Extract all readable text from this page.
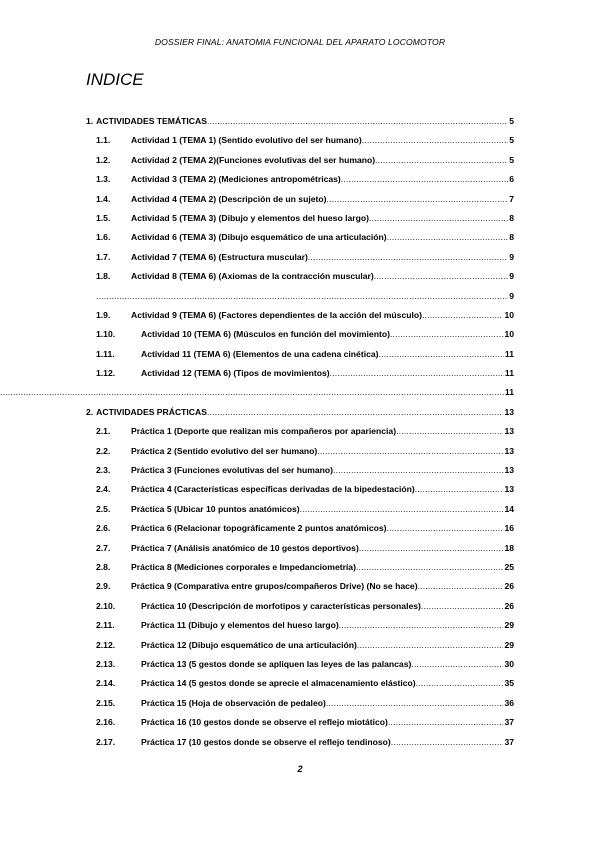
DOSSIER FINAL: ANATOMIA FUNCIONAL DEL APARATO LOCOMOTOR
INDICE
1. ACTIVIDADES TEMÁTICAS .....	5
1.1.	Actividad 1 (TEMA 1) (Sentido evolutivo del ser humano) .....	5
1.2.	Actividad 2 (TEMA 2)(Funciones evolutivas del ser humano) .....	5
1.3.	Actividad 3 (TEMA 2) (Mediciones antropométricas) .....	6
1.4.	Actividad 4 (TEMA 2) (Descripción de un sujeto) .....	7
1.5.	Actividad 5 (TEMA 3) (Dibujo y elementos del hueso largo) .....	8
1.6.	Actividad 6 (TEMA 3) (Dibujo esquemático de una articulación) .....	8
1.7.	Actividad 7 (TEMA 6) (Estructura muscular) .....	9
1.8.	Actividad 8 (TEMA 6) (Axiomas de la contracción muscular) .....	9
.....
9
1.9.	Actividad 9 (TEMA 6) (Factores dependientes de la acción del músculo) .....	10
1.10.	Actividad 10 (TEMA 6) (Músculos en función del movimiento) .....	10
1.11.	Actividad 11 (TEMA 6) (Elementos de una cadena cinética) .....	11
1.12.	Actividad 12 (TEMA 6) (Tipos de movimientos) .....	11
.....
11
2. ACTIVIDADES PRÁCTICAS .....	13
2.1.	Práctica 1 (Deporte que realizan mis compañeros por apariencia) .....	13
2.2.	Práctica 2 (Sentido evolutivo del ser humano) .....	13
2.3.	Práctica 3 (Funciones evolutivas del ser humano) .....	13
2.4.	Práctica 4 (Características específicas derivadas de la bipedestación) .....	13
2.5.	Práctica 5 (Ubicar 10 puntos anatómicos) .....	14
2.6.	Práctica 6 (Relacionar topográficamente 2 puntos anatómicos) .....	16
2.7.	Práctica 7 (Análisis anatómico de 10 gestos deportivos) .....	18
2.8.	Práctica 8 (Mediciones corporales e Impedanciometría) .....	25
2.9.	Práctica 9 (Comparativa entre grupos/compañeros Drive) (No se hace) .....	26
2.10.	Práctica 10 (Descripción de morfotipos y características personales) .....	26
2.11.	Práctica 11 (Dibujo y elementos del hueso largo) .....	29
2.12.	Práctica 12 (Dibujo esquemático de una articulación) .....	29
2.13.	Práctica 13 (5 gestos donde se apliquen las leyes de las palancas) .....	30
2.14.	Práctica 14 (5 gestos donde se aprecie el almacenamiento elástico) .....	35
2.15.	Práctica 15 (Hoja de observación de pedaleo) .....	36
2.16.	Práctica 16 (10 gestos donde se observe el reflejo miotático) .....	37
2.17.	Práctica 17 (10 gestos donde se observe el reflejo tendinoso) .....	37
2
